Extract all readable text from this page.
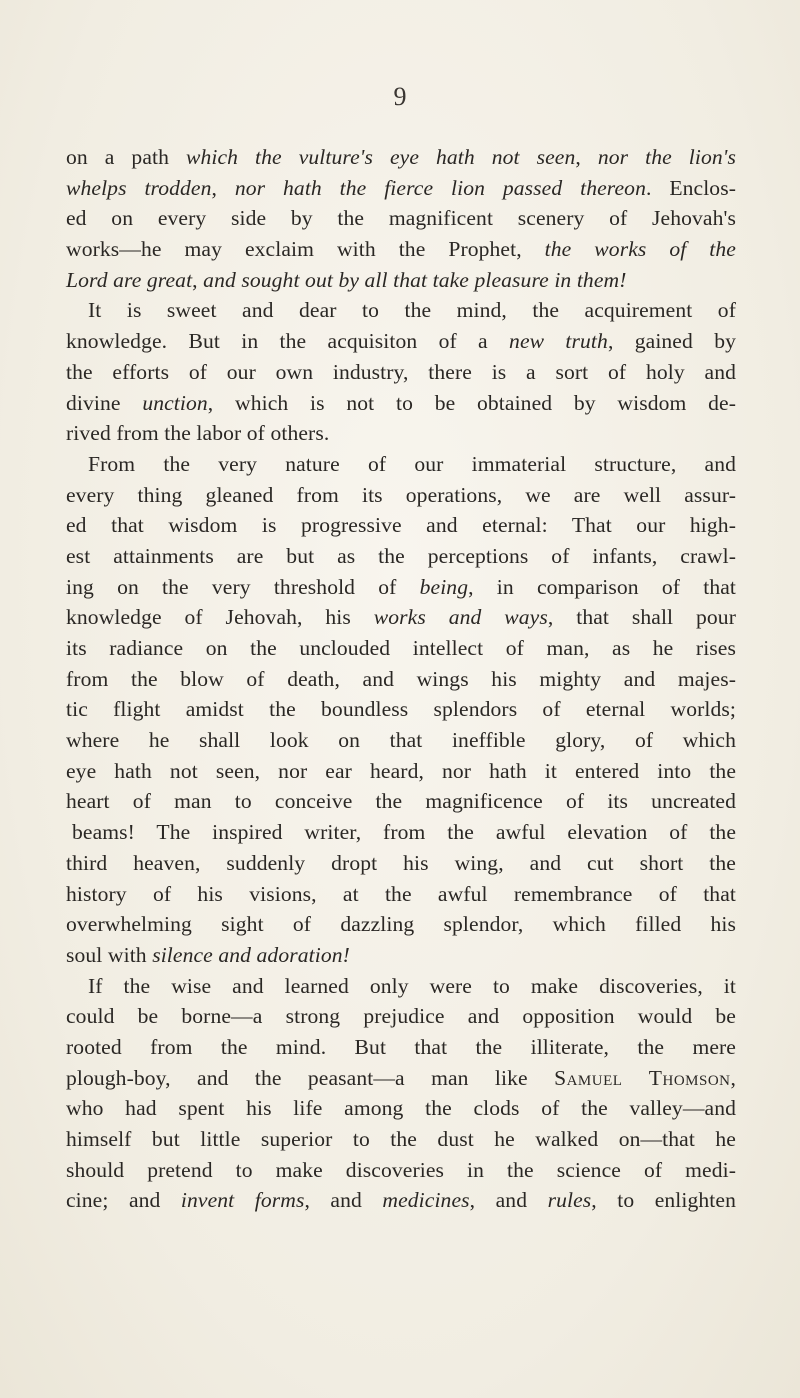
9
on a path which the vulture's eye hath not seen, nor the lion's
whelps trodden, nor hath the fierce lion passed thereon. Enclos-
ed on every side by the magnificent scenery of Jehovah's
works—he may exclaim with the Prophet, the works of the
Lord are great, and sought out by all that take pleasure in them!
It is sweet and dear to the mind, the acquirement of
knowledge. But in the acquisiton of a new truth, gained by
the efforts of our own industry, there is a sort of holy and
divine unction, which is not to be obtained by wisdom de-
rived from the labor of others.
From the very nature of our immaterial structure, and
every thing gleaned from its operations, we are well assur-
ed that wisdom is progressive and eternal: That our high-
est attainments are but as the perceptions of infants, crawl-
ing on the very threshold of being, in comparison of that
knowledge of Jehovah, his works and ways, that shall pour
its radiance on the unclouded intellect of man, as he rises
from the blow of death, and wings his mighty and majes-
tic flight amidst the boundless splendors of eternal worlds;
where he shall look on that ineffible glory, of which
eye hath not seen, nor ear heard, nor hath it entered into the
heart of man to conceive the magnificence of its uncreated
beams! The inspired writer, from the awful elevation of the
third heaven, suddenly dropt his wing, and cut short the
history of his visions, at the awful remembrance of that
overwhelming sight of dazzling splendor, which filled his
soul with silence and adoration!
If the wise and learned only were to make discoveries, it
could be borne—a strong prejudice and opposition would be
rooted from the mind. But that the illiterate, the mere
plough-boy, and the peasant—a man like Samuel Thomson,
who had spent his life among the clods of the valley—and
himself but little superior to the dust he walked on—that he
should pretend to make discoveries in the science of medi-
cine; and invent forms, and medicines, and rules, to enlighten
